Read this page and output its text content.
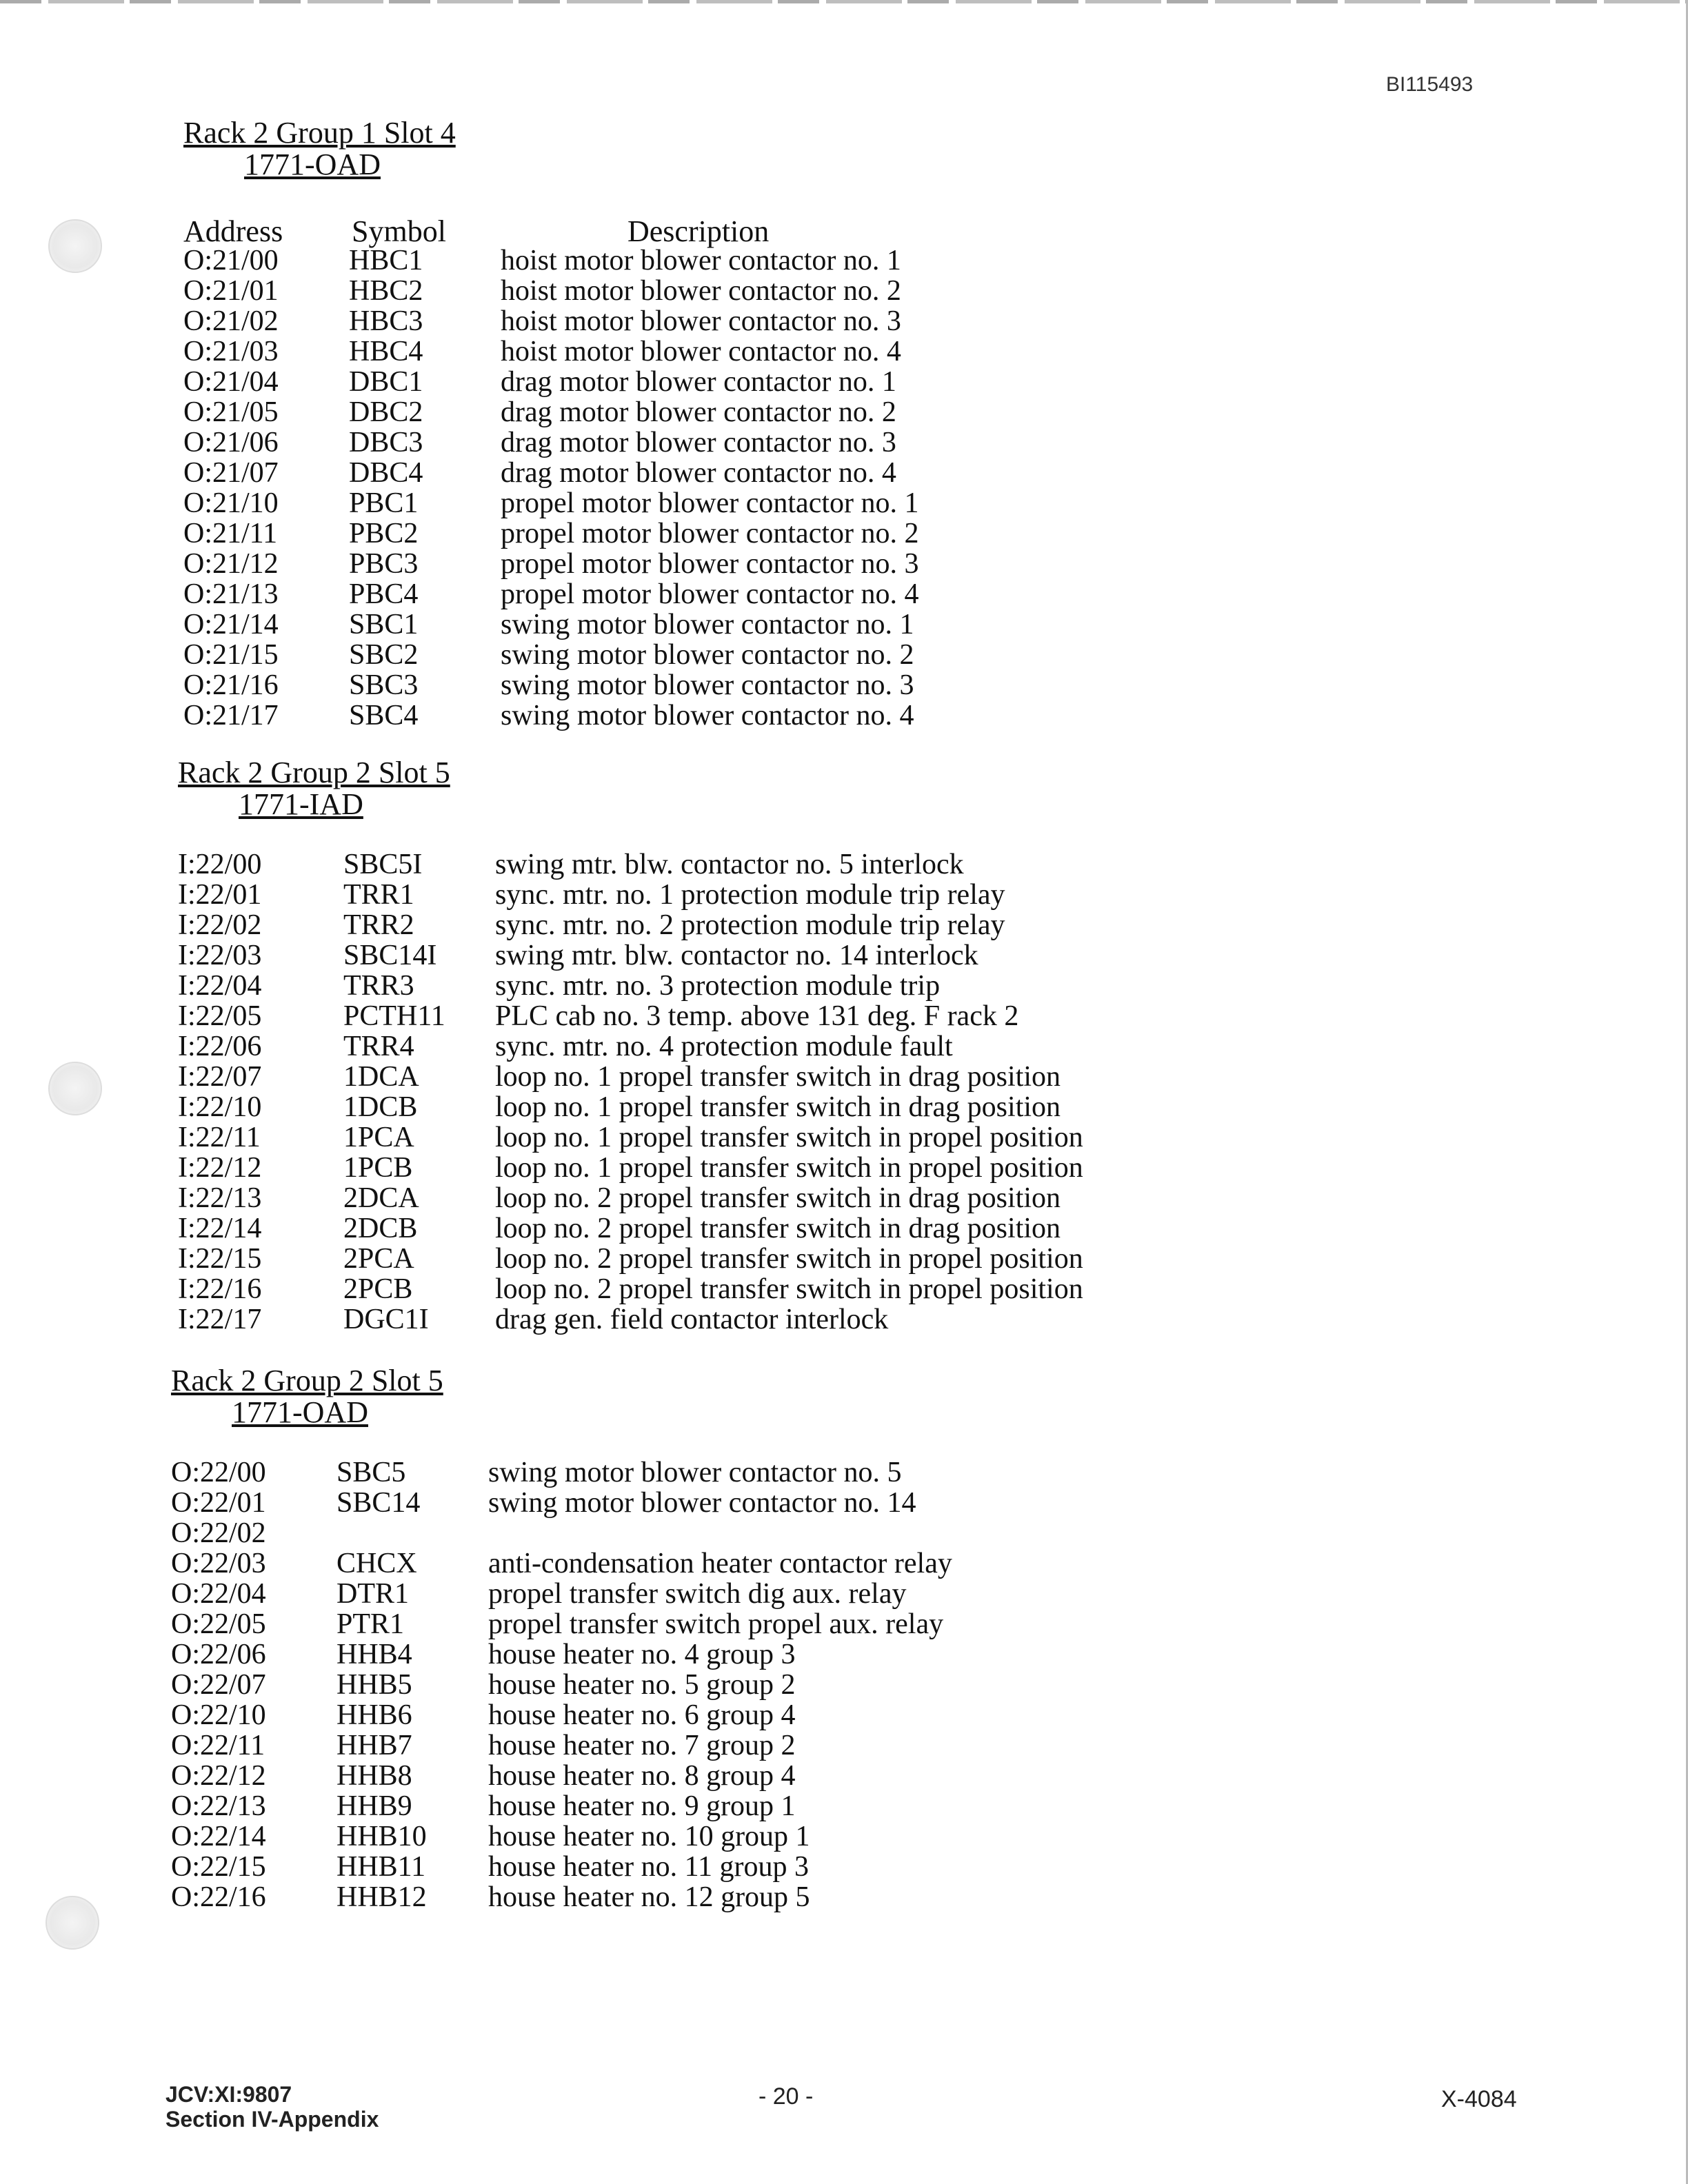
BI115493
Rack 2 Group 1 Slot 4
1771-OAD
Address Symbol	Description
O:21/00 HBC1	hoist motor blower contactor no. 1
O:21/01 HBC2	hoist motor blower contactor no. 2
O:21/02 HBC3	hoist motor blower contactor no. 3
O:21/03 HBC4	hoist motor blower contactor no. 4
O:21/04 DBC1	drag motor blower contactor no. 1
O:21/05 DBC2	drag motor blower contactor no. 2
O:21/06 DBC3	drag motor blower contactor no. 3
O:21/07 DBC4	drag motor blower contactor no. 4
O:21/10 PBC1	propel motor blower contactor no. 1
O:21/11 PBC2	propel motor blower contactor no. 2
O:21/12 PBC3	propel motor blower contactor no. 3
O:21/13 PBC4	propel motor blower contactor no. 4
O:21/14 SBC1	swing motor blower contactor no. 1
O:21/15 SBC2	swing motor blower contactor no. 2
O:21/16 SBC3	swing motor blower contactor no. 3
O:21/17 SBC4	swing motor blower contactor no. 4
Rack 2 Group 2 Slot 5
1771-IAD
I:22/00	SBC5I	swing mtr. blw. contactor no. 5 interlock
I:22/01	TRR1	sync. mtr. no. 1 protection module trip relay
I:22/02	TRR2	sync. mtr. no. 2 protection module trip relay
I:22/03	SBC14I swing mtr. blw. contactor no. 14 interlock
I:22/04	TRR3	sync. mtr. no. 3 protection module trip
I:22/05	PCTH11 PLC cab no. 3 temp. above 131 deg. F rack 2
I:22/06	TRR4	sync. mtr. no. 4 protection module fault
I:22/07	1DCA	loop no. 1 propel transfer switch in drag position
I:22/10	1DCB	loop no. 1 propel transfer switch in drag position
I:22/11	1PCA	loop no. 1 propel transfer switch in propel position
I:22/12	1PCB	loop no. 1 propel transfer switch in propel position
I:22/13	2DCA	loop no. 2 propel transfer switch in drag position
I:22/14	2DCB	loop no. 2 propel transfer switch in drag position
I:22/15	2PCA	loop no. 2 propel transfer switch in propel position
I:22/16	2PCB	loop no. 2 propel transfer switch in propel position
I:22/17	DGC1I drag gen. field contactor interlock
Rack 2 Group 2 Slot 5
1771-OAD
O:22/00 SBC5	swing motor blower contactor no. 5
O:22/01 SBC14 swing motor blower contactor no. 14
O:22/02
O:22/03 CHCX anti-condensation heater contactor relay
O:22/04 DTR1	propel transfer switch dig aux. relay
O:22/05 PTR1	propel transfer switch propel aux. relay
O:22/06 HHB4	house heater no. 4 group 3
O:22/07 HHB5	house heater no. 5 group 2
O:22/10 HHB6	house heater no. 6 group 4
O:22/11 HHB7	house heater no. 7 group 2
O:22/12 HHB8	house heater no. 8 group 4
O:22/13 HHB9	house heater no. 9 group 1
O:22/14 HHB10 house heater no. 10 group 1
O:22/15 HHB11 house heater no. 11 group 3
O:22/16 HHB12 house heater no. 12 group 5
JCV:XI:9807
Section IV-Appendix
- 20 -	X-4084
